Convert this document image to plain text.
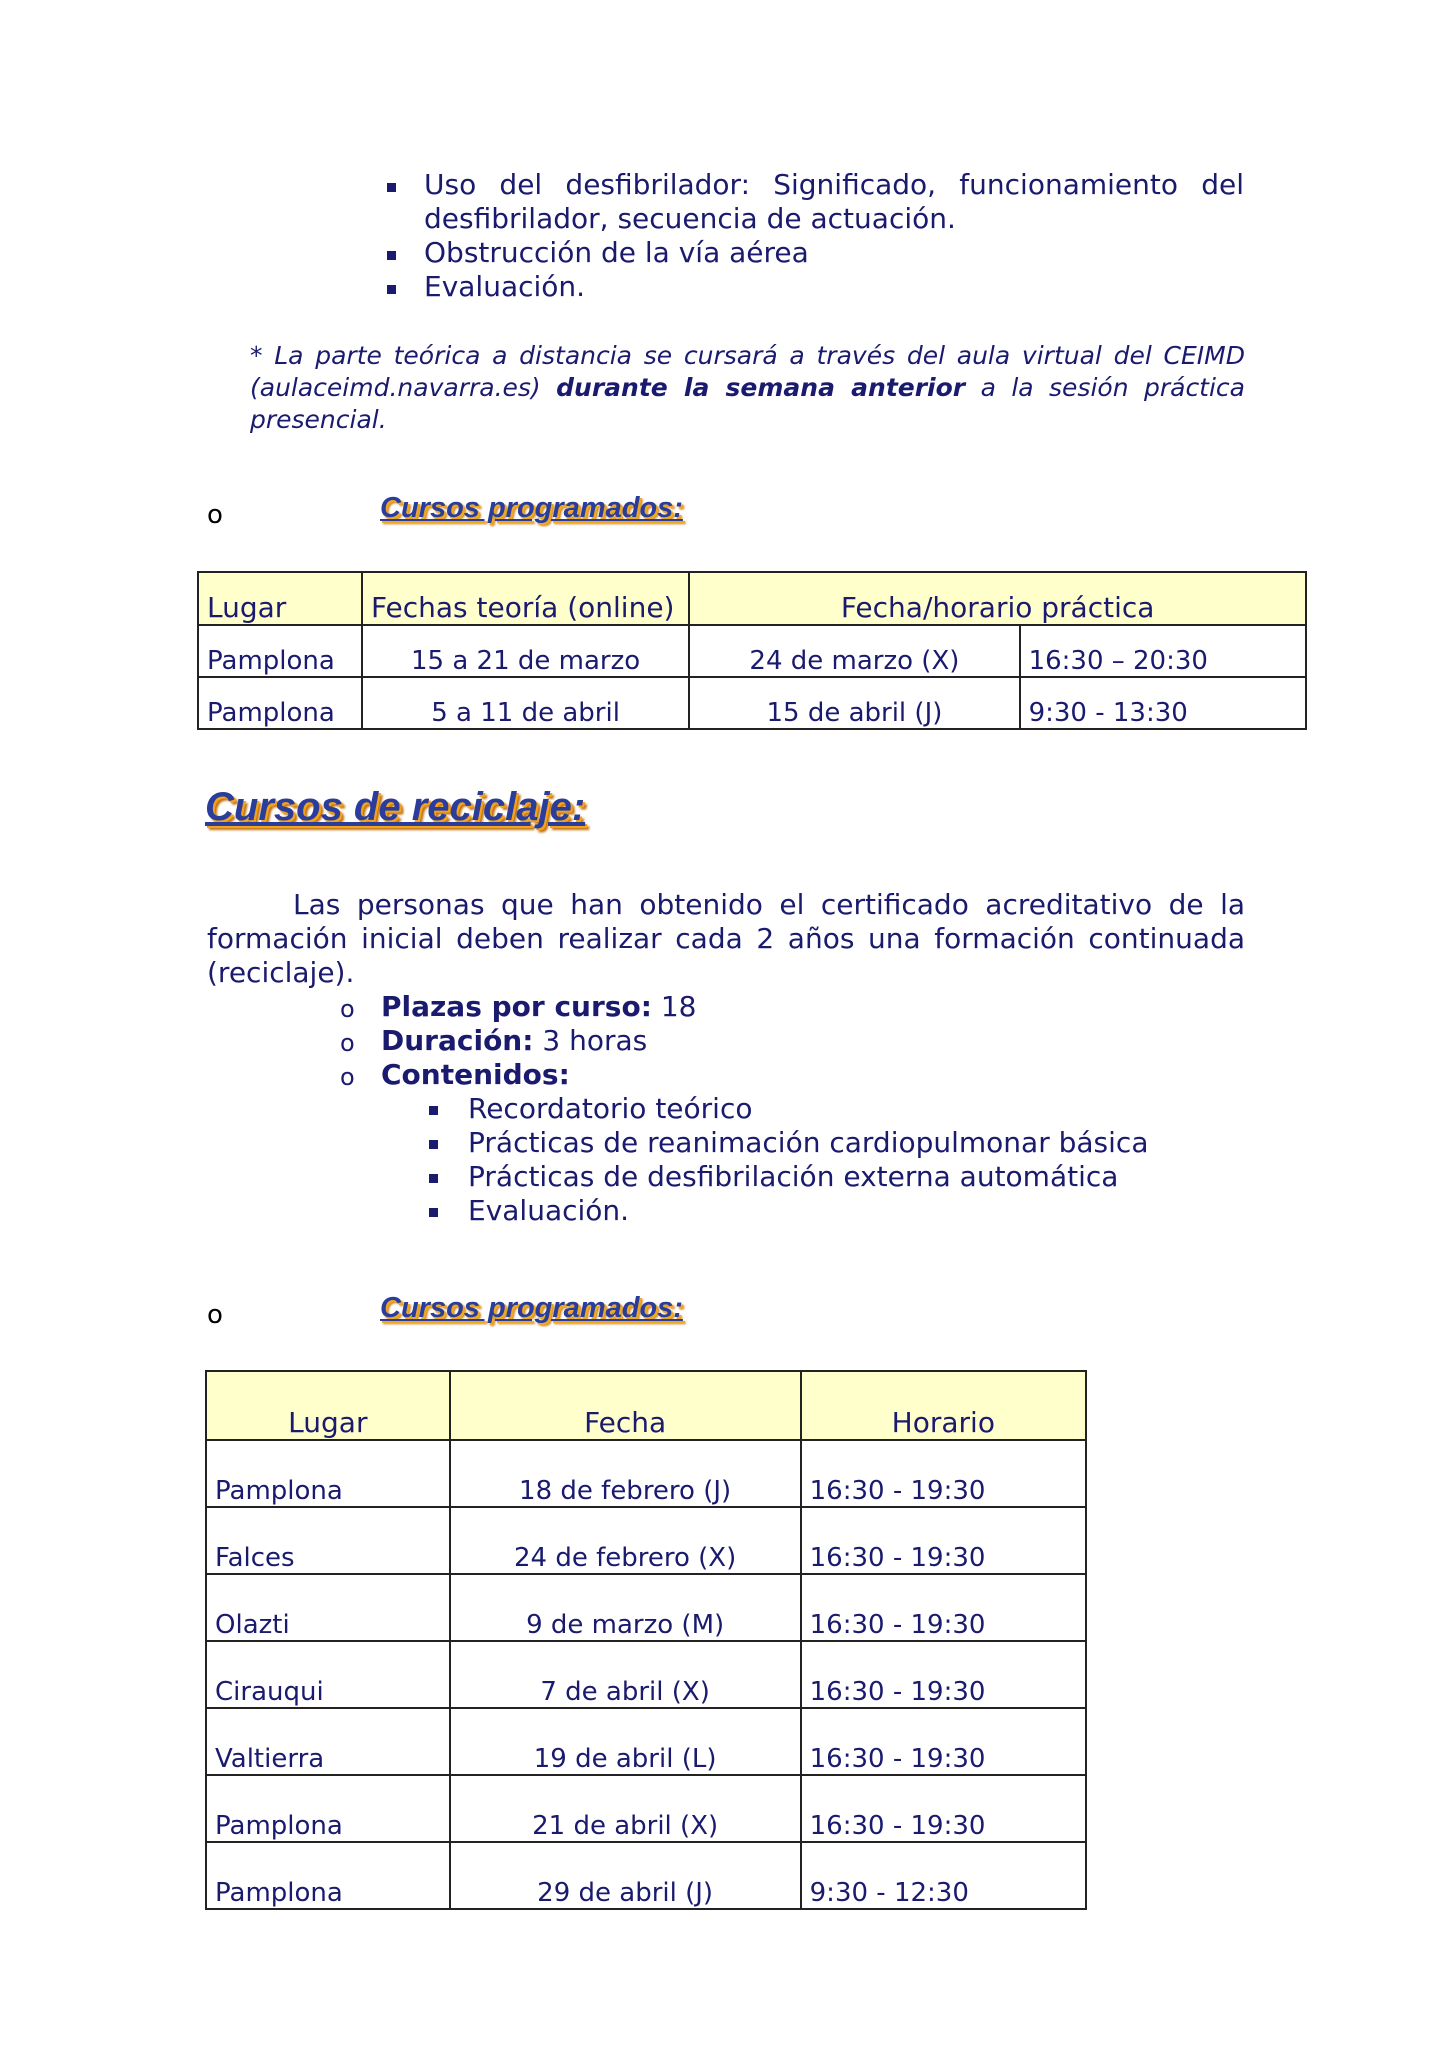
Uso del desfibrilador: Significado, funcionamiento del desfibrilador, secuencia de actuación.
Obstrucción de la vía aérea
Evaluación.
* La parte teórica a distancia se cursará a través del aula virtual del CEIMD (aulaceimd.navarra.es) durante la semana anterior a la sesión práctica presencial.
o	Cursos programados:
Lugar	Fechas teoría (online)	Fecha/horario práctica	
Pamplona	15 a 21 de marzo	24 de marzo (X)	16:30 – 20:30
Pamplona	5 a 11 de abril	15 de abril (J)	9:30 - 13:30
Cursos de reciclaje:
Las personas que han obtenido el certificado acreditativo de la formación inicial deben realizar cada 2 años una formación continuada (reciclaje).
o Plazas por curso: 18
o Duración: 3 horas
o Contenidos:
Recordatorio teórico
Prácticas de reanimación cardiopulmonar básica
Prácticas de desfibrilación externa automática
Evaluación.
o	Cursos programados:
Lugar	Fecha	Horario
Pamplona	18 de febrero (J)	16:30 - 19:30
Falces	24 de febrero (X)	16:30 - 19:30
Olazti	9 de marzo (M)	16:30 - 19:30
Cirauqui	7 de abril (X)	16:30 - 19:30
Valtierra	19 de abril (L)	16:30 - 19:30
Pamplona	21 de abril (X)	16:30 - 19:30
Pamplona	29 de abril (J)	9:30 - 12:30
